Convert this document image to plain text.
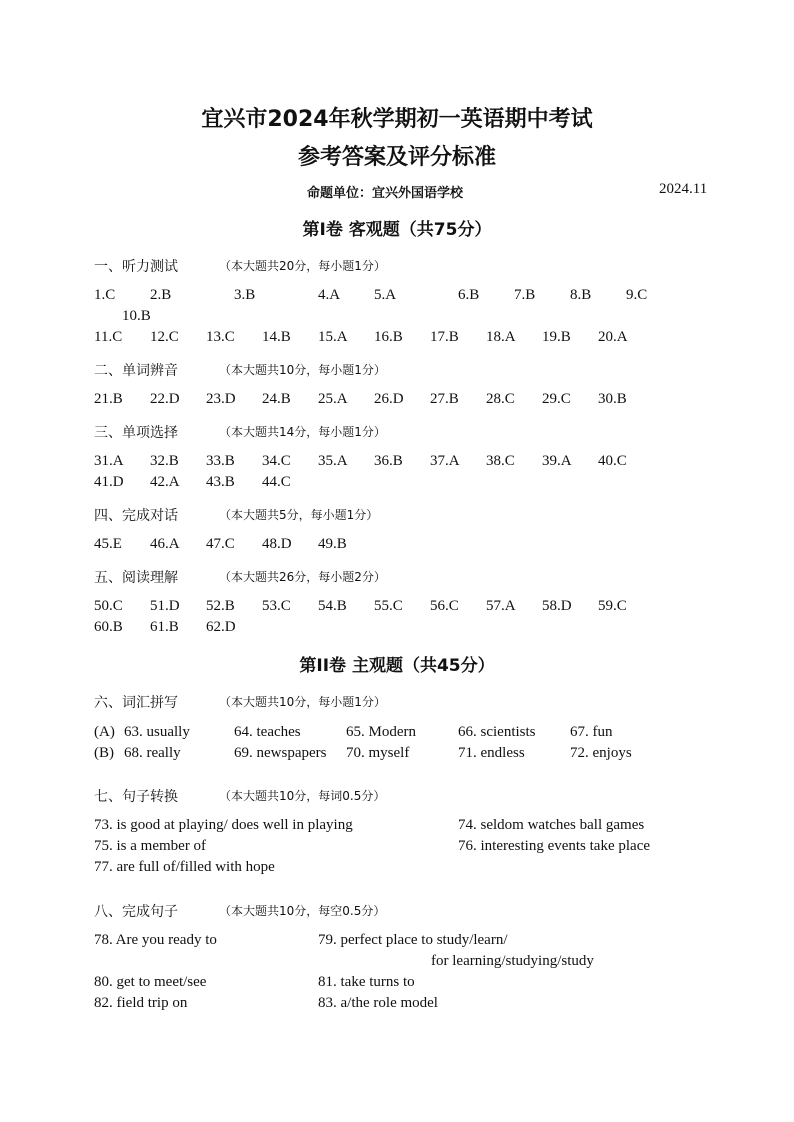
宜兴市2024年秋学期初一英语期中考试
参考答案及评分标准
命题单位：宜兴外国语学校	2024.11
第Ⅰ卷 客观题（共75分）
一、听力测试	（本大题共20分，每小题1分）
1.C 2.B	3.B	4.A 5.A	6.B 7.B 8.B 9.C
10.B
11.C 12.C 13.C 14.B 15.A 16.B 17.B 18.A 19.B 20.A
二、单词辨音	（本大题共10分，每小题1分）
21.B 22.D 23.D 24.B 25.A 26.D 27.B 28.C 29.C 30.B
三、单项选择	（本大题共14分，每小题1分）
31.A 32.B 33.B 34.C 35.A 36.B 37.A 38.C 39.A 40.C
41.D 42.A 43.B 44.C
四、完成对话	（本大题共5分，每小题1分）
45.E 46.A 47.C 48.D 49.B
五、阅读理解	（本大题共26分，每小题2分）
50.C 51.D 52.B 53.C 54.B 55.C 56.C 57.A 58.D 59.C
60.B 61.B 62.D
第ⅠⅠ卷 主观题（共45分）
六、词汇拼写	（本大题共10分，每小题1分）
(A) 63. usually	64. teaches	65. Modern	66. scientists 67. fun
(B) 68. really	69. newspapers 70. myself	71. endless	72. enjoys
七、句子转换	（本大题共10分，每词0.5分）
73. is good at playing/ does well in playing	74. seldom watches ball games
75. is a member of	76. interesting events take place
77. are full of/filled with hope
八、完成句子	（本大题共10分，每空0.5分）
78. Are you ready to	79. perfect place to study/learn/
for learning/studying/study
80. get to meet/see	81. take turns to
82. field trip on	83. a/the role model
